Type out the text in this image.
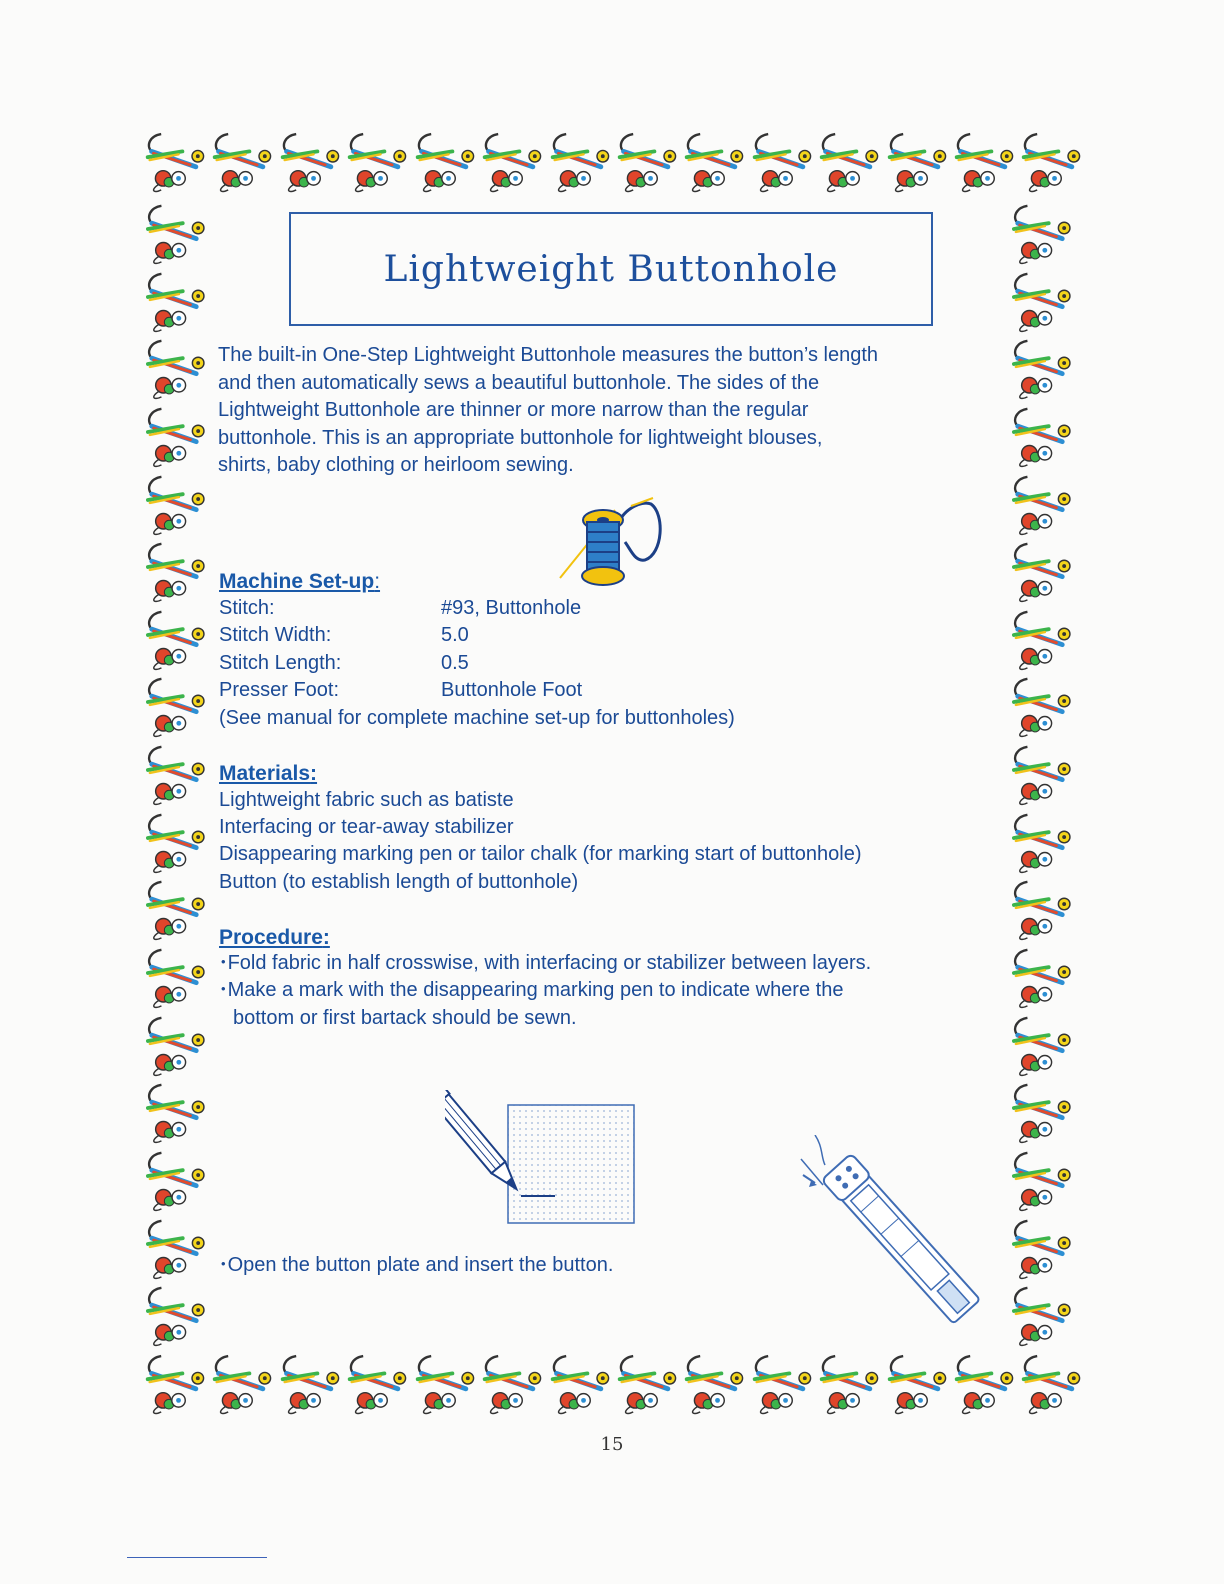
Lightweight Buttonhole
The built-in One-Step Lightweight Buttonhole measures the button’s length
and then automatically sews a beautiful buttonhole. The sides of the
Lightweight Buttonhole are thinner or more narrow than the regular
buttonhole. This is an appropriate buttonhole for lightweight blouses,
shirts, baby clothing or heirloom sewing.
Machine Set-up:
Stitch:	#93, Buttonhole
Stitch Width:	5.0
Stitch Length:	0.5
Presser Foot:	Buttonhole Foot
(See manual for complete machine set-up for buttonholes)
Materials:
Lightweight fabric such as batiste
Interfacing or tear-away stabilizer
Disappearing marking pen or tailor chalk (for marking start of buttonhole)
Button (to establish length of buttonhole)
Procedure:
• Fold fabric in half crosswise, with interfacing or stabilizer between layers.
• Make a mark with the disappearing marking pen to indicate where the
bottom or first bartack should be sewn.
• Open the button plate and insert the button.
15
